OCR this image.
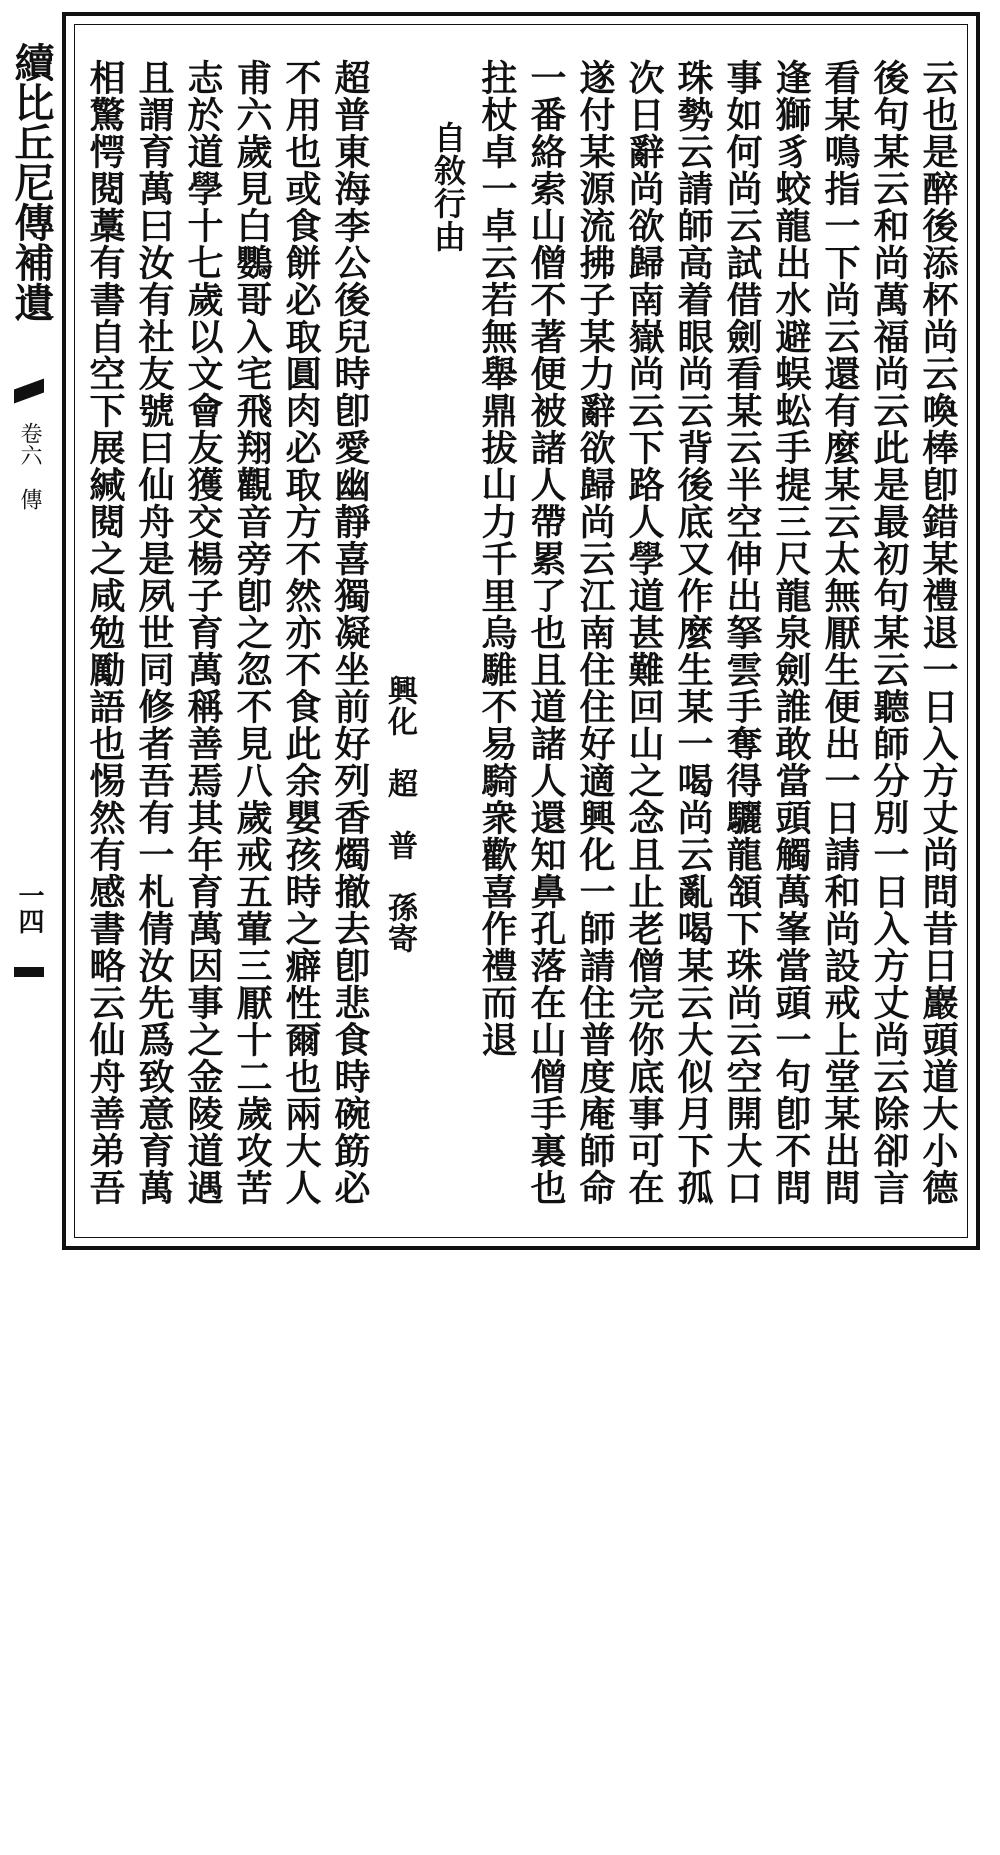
續比丘尼傳補遺
卷六　傳
一四
云也是醉後添杯尚云喚棒卽錯某禮退一日入方丈尚問昔日巖頭道大小德
後句某云和尚萬福尚云此是最初句某云聽師分別一日入方丈尚云除卻言
看某鳴指一下尚云還有麼某云太無厭生便出一日請和尚設戒上堂某出問
逢獅豸蛟龍出水避蜈蚣手提三尺龍泉劍誰敢當頭觸萬峯當頭一句卽不問
事如何尚云試借劍看某云半空伸出拏雲手奪得驪龍頷下珠尚云空開大口
珠勢云請師高着眼尚云背後底又作麼生某一喝尚云亂喝某云大似月下孤
次日辭尚欲歸南嶽尚云下路人學道甚難回山之念且止老僧完你底事可在
遂付某源流拂子某力辭欲歸尚云江南住住好適興化一師請住普度庵師命
一番絡索山僧不著便被諸人帶累了也且道諸人還知鼻孔落在山僧手裏也
拄杖卓一卓云若無舉鼎拔山力千里烏騅不易騎衆歡喜作禮而退
自敘行由
興化　超　普　孫寄
超普東海李公後兒時卽愛幽靜喜獨凝坐前好列香燭撤去卽悲食時碗筯必
不用也或食餅必取圓肉必取方不然亦不食此余嬰孩時之癖性爾也兩大人
甫六歲見白鸚哥入宅飛翔觀音旁卽之忽不見八歲戒五葷三厭十二歲攻苦
志於道學十七歲以文會友獲交楊子育萬稱善焉其年育萬因事之金陵道遇
且謂育萬曰汝有社友號曰仙舟是夙世同修者吾有一札倩汝先爲致意育萬
相驚愕閱藁有書自空下展緘閱之咸勉勵語也惕然有感書略云仙舟善弟吾
